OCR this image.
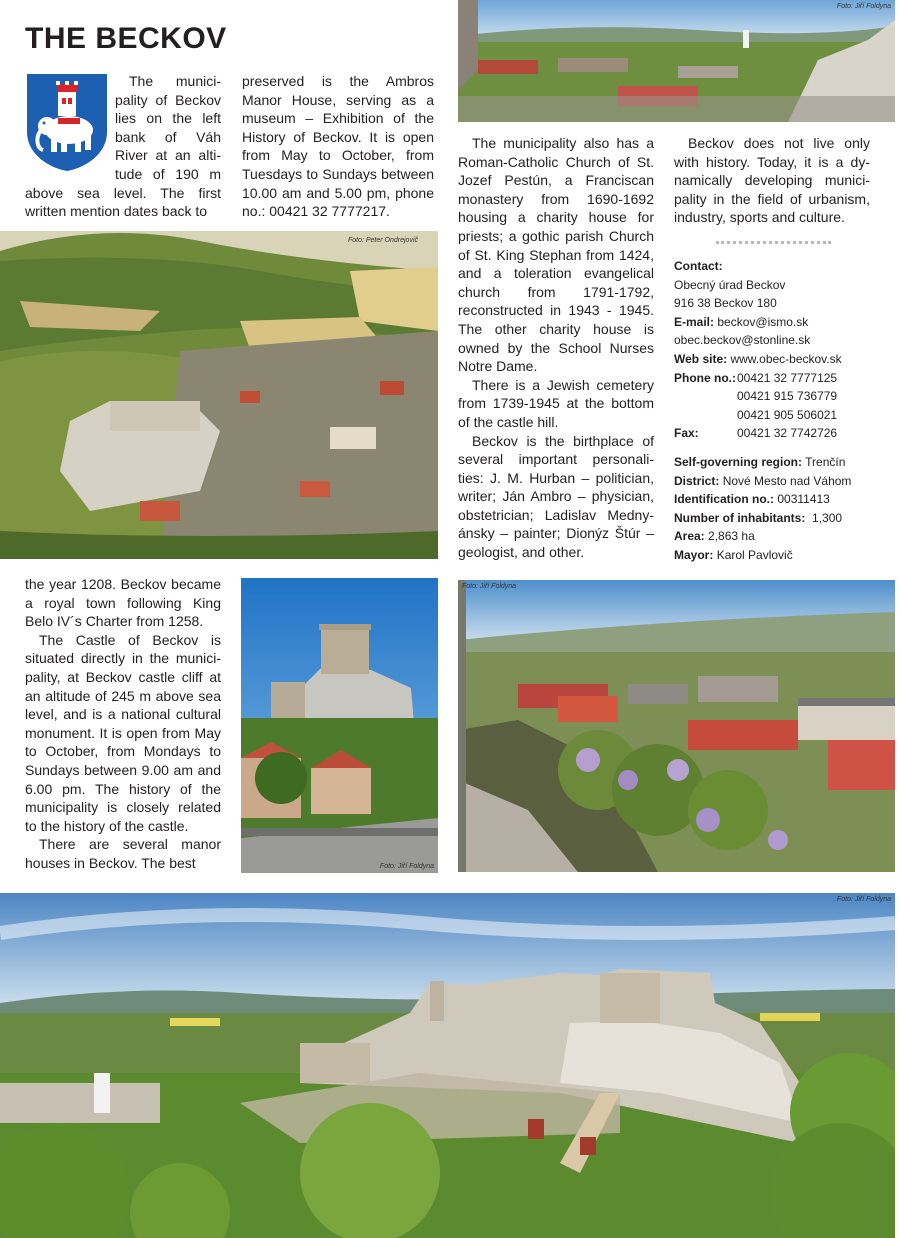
THE BECKOV

The munici-pality of Beckov lies on the left bank of Váh River at an alti-tude of 190 m above sea level. The first written mention dates back to

preserved is the Ambros Manor House, serving as a museum – Exhibition of the History of Beckov. It is open from May to October, from Tuesdays to Sundays between 10.00 am and 5.00 pm, phone no.: 00421 32 7777217.

Foto: Jiří Foldyna
Foto: Peter Ondrejovič

The municipality also has a Roman-Catholic Church of St. Jozef Pestún, a Franciscan monastery from 1690-1692 housing a charity house for priests; a gothic parish Church of St. King Stephan from 1424, and a toleration evangelical church from 1791-1792, reconstructed in 1943 - 1945. The other charity house is owned by the School Nurses Notre Dame.

There is a Jewish cemetery from 1739-1945 at the bottom of the castle hill.

Beckov is the birthplace of several important personali-ties: J. M. Hurban – politician, writer; Ján Ambro – physician, obstetrician; Ladislav Medny-ánsky – painter; Dionýz Štúr – geologist, and other.

Beckov does not live only with history. Today, it is a dy-namically developing munici-pality in the field of urbanism, industry, sports and culture.

Contact:
Obecný úrad Beckov
916 38 Beckov 180
E-mail: beckov@ismo.sk
obec.beckov@stonline.sk
Web site: www.obec-beckov.sk
Phone no.: 00421 32 7777125
00421 915 736779
00421 905 506021
Fax:	00421 32 7742726
Self-governing region: Trenčín
District: Nové Mesto nad Váhom
Identification no.: 00311413
Number of inhabitants: 1,300
Area: 2,863 ha
Mayor: Karol Pavlovič

the year 1208. Beckov became a royal town following King Belo IV´s Charter from 1258.

The Castle of Beckov is situated directly in the munici-pality, at Beckov castle cliff at an altitude of 245 m above sea level, and is a national cultural monument. It is open from May to October, from Mondays to Sundays between 9.00 am and 6.00 pm. The history of the municipality is closely related to the history of the castle.

There are several manor houses in Beckov. The best	Foto: Jiří Foldyna
Foto: Jiří Foldyna
Foto: Jiří Foldyna
